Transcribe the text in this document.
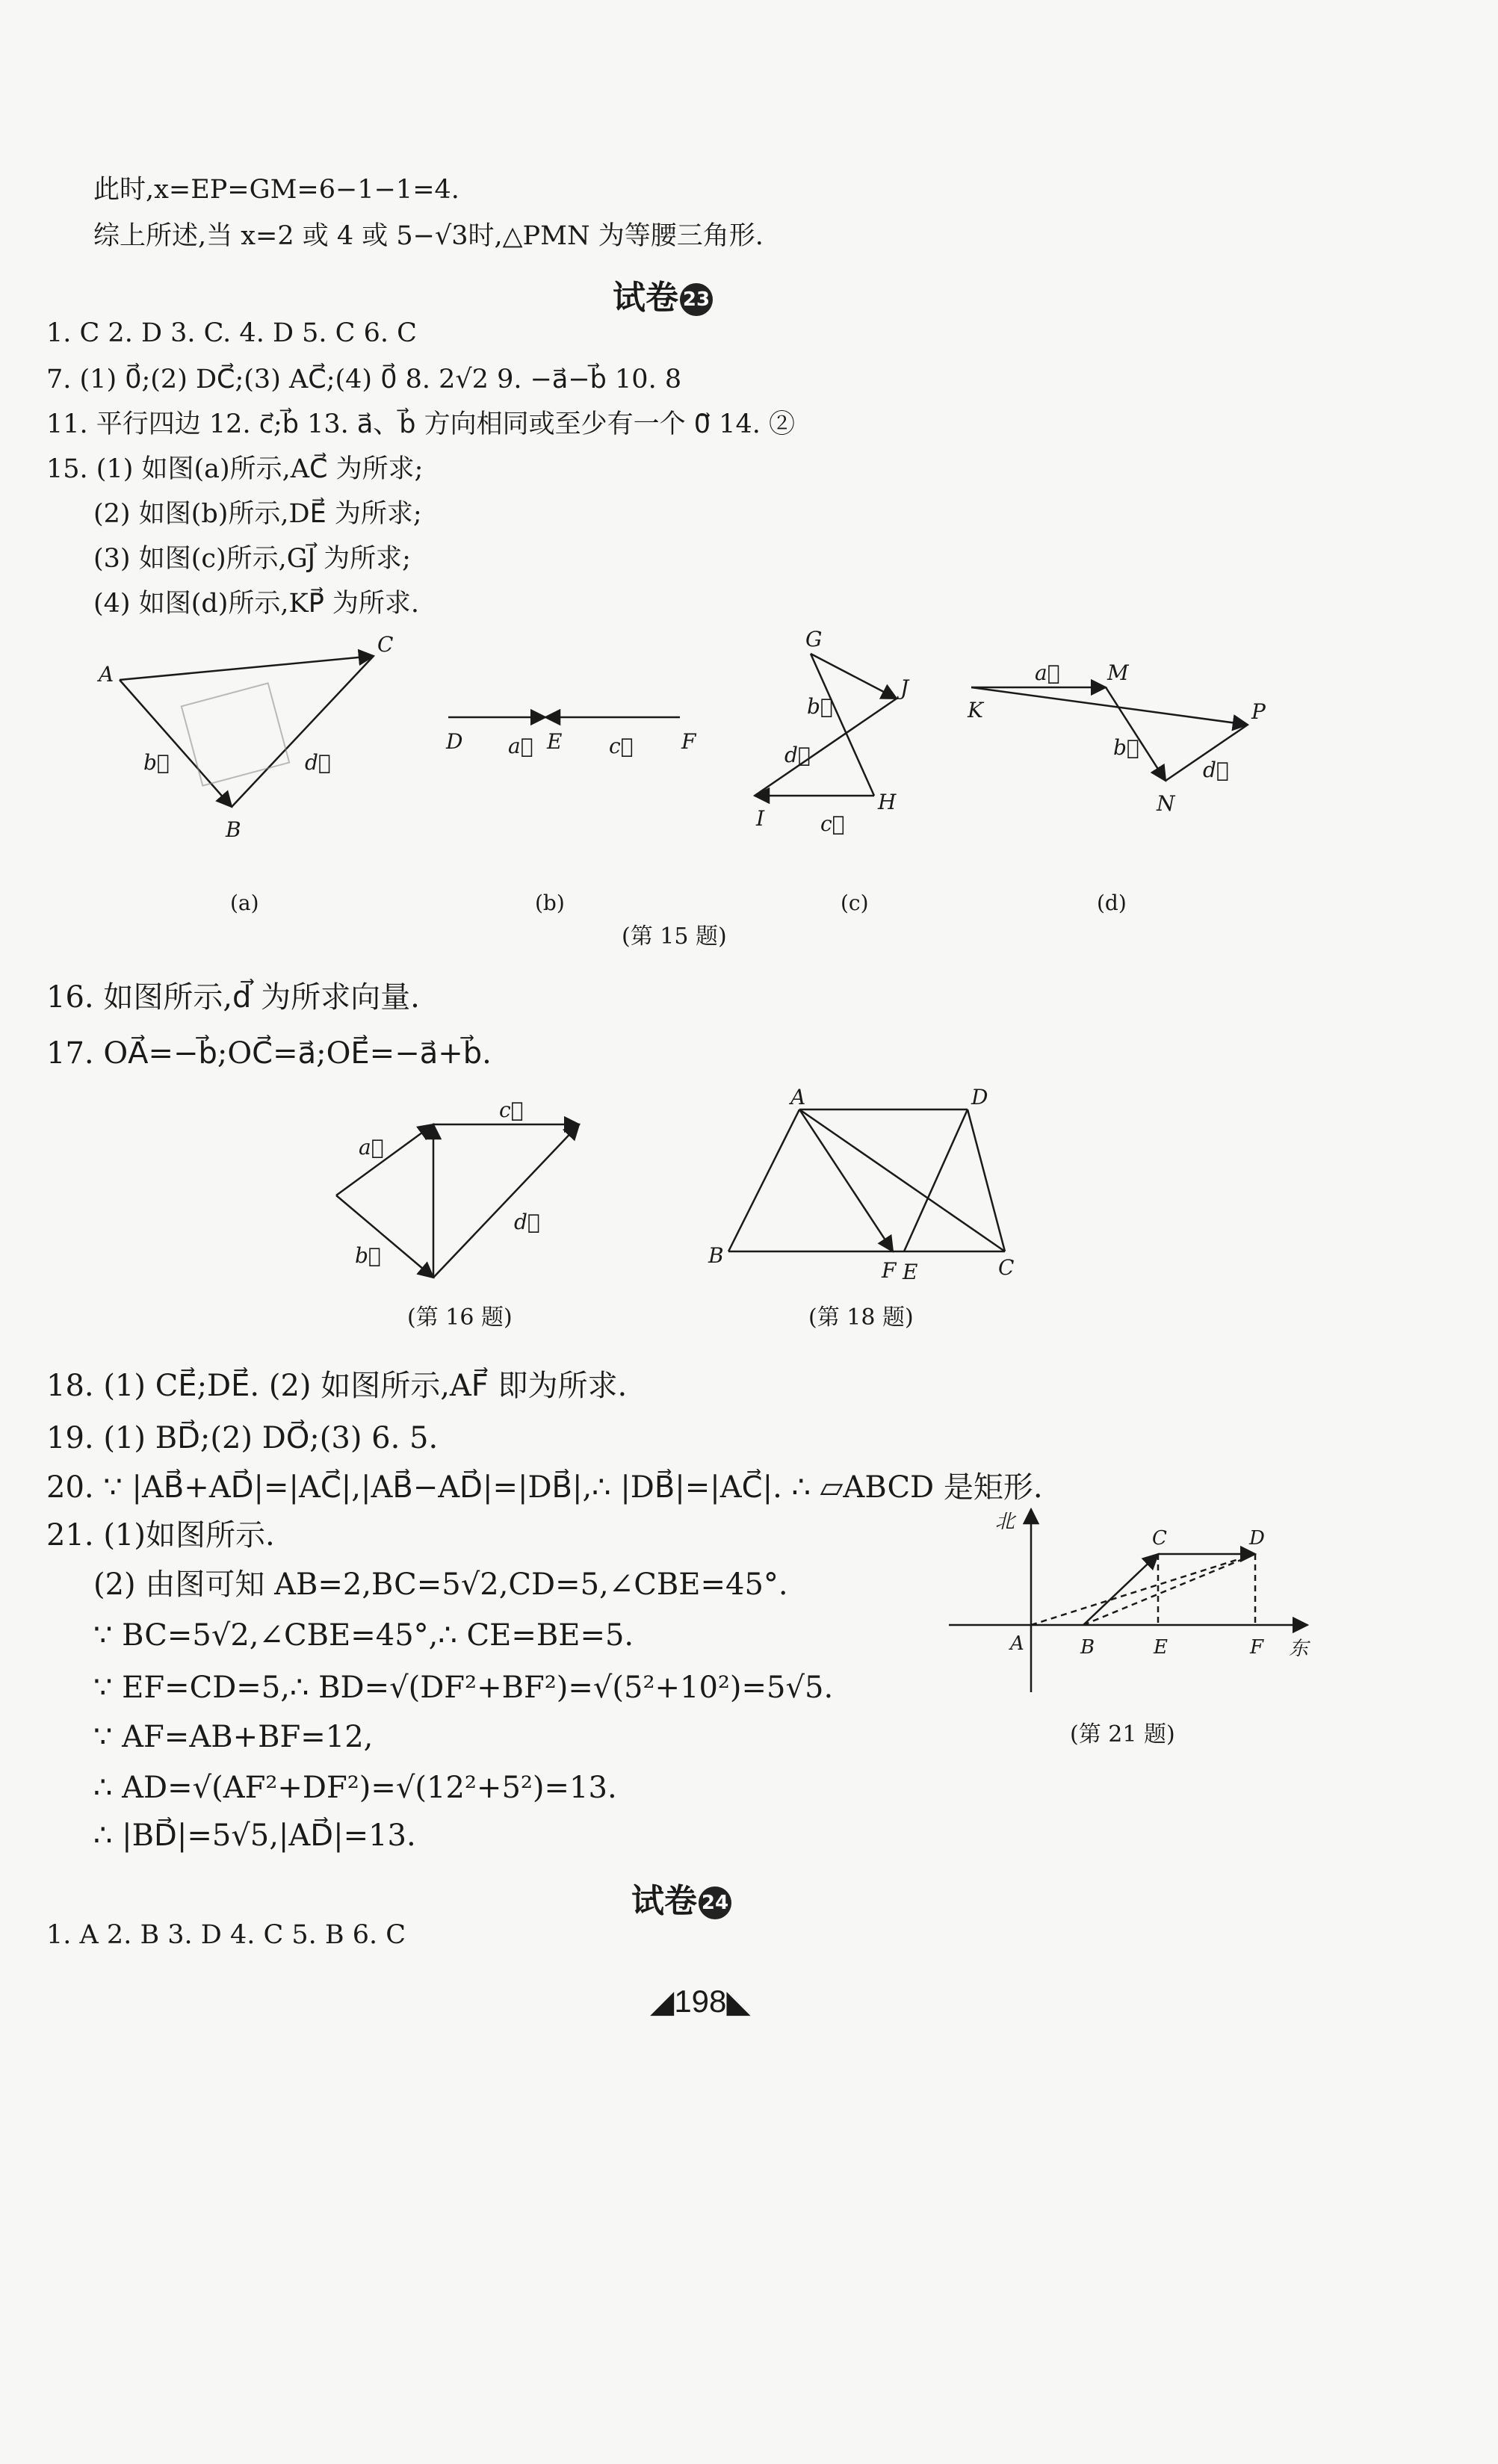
此时,x=EP=GM=6−1−1=4.
综上所述,当 x=2 或 4 或 5−√3时,△PMN 为等腰三角形.
试卷 23
1. C 2. D 3. C. 4. D 5. C 6. C
7. (1) 0⃗;(2) DC⃗;(3) AC⃗;(4) 0⃗ 8. 2√2 9. −a⃗−b⃗ 10. 8
11. 平行四边 12. c⃗;b⃗ 13. a⃗、b⃗ 方向相同或至少有一个 0⃗ 14. ②
15. (1) 如图(a)所示,AC⃗ 为所求;
(2) 如图(b)所示,DE⃗ 为所求;
(3) 如图(c)所示,GJ⃗ 为所求;
(4) 如图(d)所示,KP⃗ 为所求.
A
C
B
b⃗	d⃗
D	E	F
a⃗	c⃗
G
J
I
H
b⃗
d⃗
c⃗
K
M
P
N
a⃗
b⃗
d⃗
(a)	(b)	(c)	(d)
(第 15 题)
16. 如图所示,d⃗ 为所求向量.
17. OA⃗=−b⃗;OC⃗=a⃗;OE⃗=−a⃗+b⃗.
a⃗
c⃗
b⃗
d⃗
(第 16 题)
A	D
B
F E	C
(第 18 题)
18. (1) CE⃗;DE⃗. (2) 如图所示,AF⃗ 即为所求.
19. (1) BD⃗;(2) DO⃗;(3) 6. 5.
20. ∵ |AB⃗+AD⃗|=|AC⃗|,|AB⃗−AD⃗|=|DB⃗|,∴ |DB⃗|=|AC⃗|. ∴ ▱ABCD 是矩形.
21. (1)如图所示.
(2) 由图可知 AB=2,BC=5√2,CD=5,∠CBE=45°.
∵ BC=5√2,∠CBE=45°,∴ CE=BE=5.
∵ EF=CD=5,∴ BD=√(DF²+BF²)=√(5²+10²)=5√5.
∵ AF=AB+BF=12,
∴ AD=√(AF²+DF²)=√(12²+5²)=13.
∴ |BD⃗|=5√5,|AD⃗|=13.
北
东
A	B	E	F
C	D
(第 21 题)
试卷 24
1. A 2. B 3. D 4. C 5. B 6. C
◢198◣
